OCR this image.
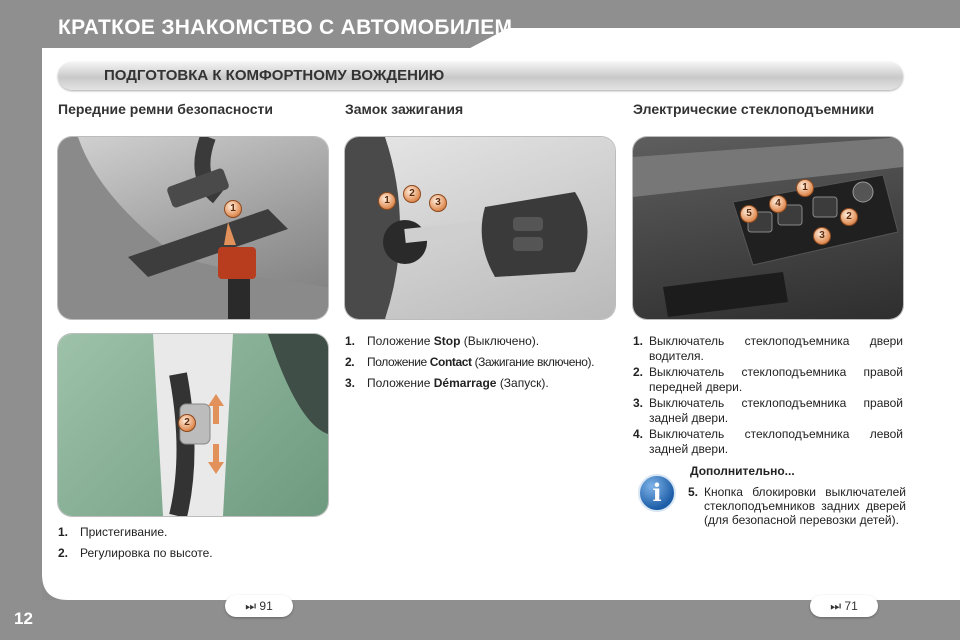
КРАТКОЕ ЗНАКОМСТВО С АВТОМОБИЛЕМ
ПОДГОТОВКА К КОМФОРТНОМУ ВОЖДЕНИЮ
Передние ремни безопасности	Замок зажигания	Электрические стеклоподъемники
1
2
1
2
3
1
2
3
4
5
1. Пристегивание.
2. Регулировка по высоте.
1. Положение Stop (Выключено).
2. Положение Contact (Зажигание включено).
3. Положение Démarrage (Запуск).
1. Выключатель стеклоподъемника двери водителя.
2. Выключатель стеклоподъемника правой передней двери.
3. Выключатель стеклоподъемника правой задней двери.
4. Выключатель стеклоподъемника левой задней двери.
i
Дополнительно...
5. Кнопка блокировки выключателей стеклоподъемников задних дверей (для безопасной перевозки детей).
⏭ 91	⏭ 71
12
